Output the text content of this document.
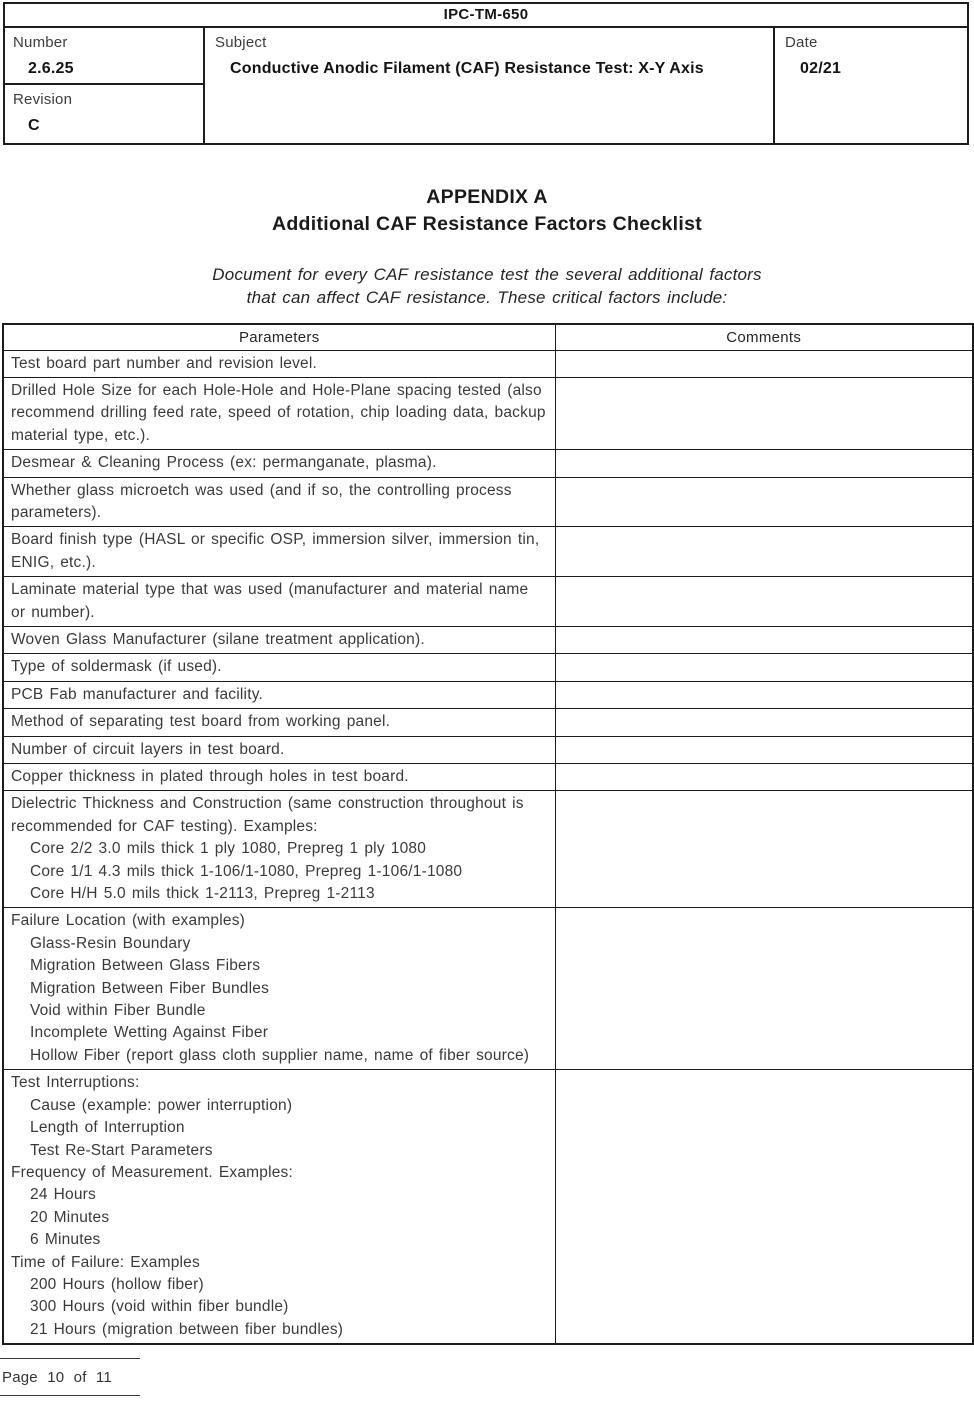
IPC-TM-650
Number
2.6.25
Revision
C
Subject
Conductive Anodic Filament (CAF) Resistance Test: X-Y Axis
Date
02/21
APPENDIX A
Additional CAF Resistance Factors Checklist
Document for every CAF resistance test the several additional factors
that can affect CAF resistance. These critical factors include:
Parameters	Comments

Test board part number and revision level.	

Drilled Hole Size for each Hole-Hole and Hole-Plane spacing tested (also recommend drilling feed rate, speed of rotation, chip loading data, backup material type, etc.).	

Desmear & Cleaning Process (ex: permanganate, plasma).	

Whether glass microetch was used (and if so, the controlling process parameters).	

Board finish type (HASL or specific OSP, immersion silver, immersion tin, ENIG, etc.).	

Laminate material type that was used (manufacturer and material name or number).	

Woven Glass Manufacturer (silane treatment application).	

Type of soldermask (if used).	

PCB Fab manufacturer and facility.	

Method of separating test board from working panel.	

Number of circuit layers in test board.	

Copper thickness in plated through holes in test board.	

Dielectric Thickness and Construction (same construction throughout is recommended for CAF testing). Examples:
Core 2/2 3.0 mils thick 1 ply 1080, Prepreg 1 ply 1080
Core 1/1 4.3 mils thick 1-106/1-1080, Prepreg 1-106/1-1080
Core H/H 5.0 mils thick 1-2113, Prepreg 1-2113	

Failure Location (with examples)
Glass-Resin Boundary
Migration Between Glass Fibers
Migration Between Fiber Bundles
Void within Fiber Bundle
Incomplete Wetting Against Fiber
Hollow Fiber (report glass cloth supplier name, name of fiber source)

Test Interruptions:
Cause (example: power interruption)
Length of Interruption
Test Re-Start Parameters
Frequency of Measurement. Examples:
24 Hours
20 Minutes
6 Minutes
Time of Failure: Examples
200 Hours (hollow fiber)
300 Hours (void within fiber bundle)
21 Hours (migration between fiber bundles)

Page 10 of 11
